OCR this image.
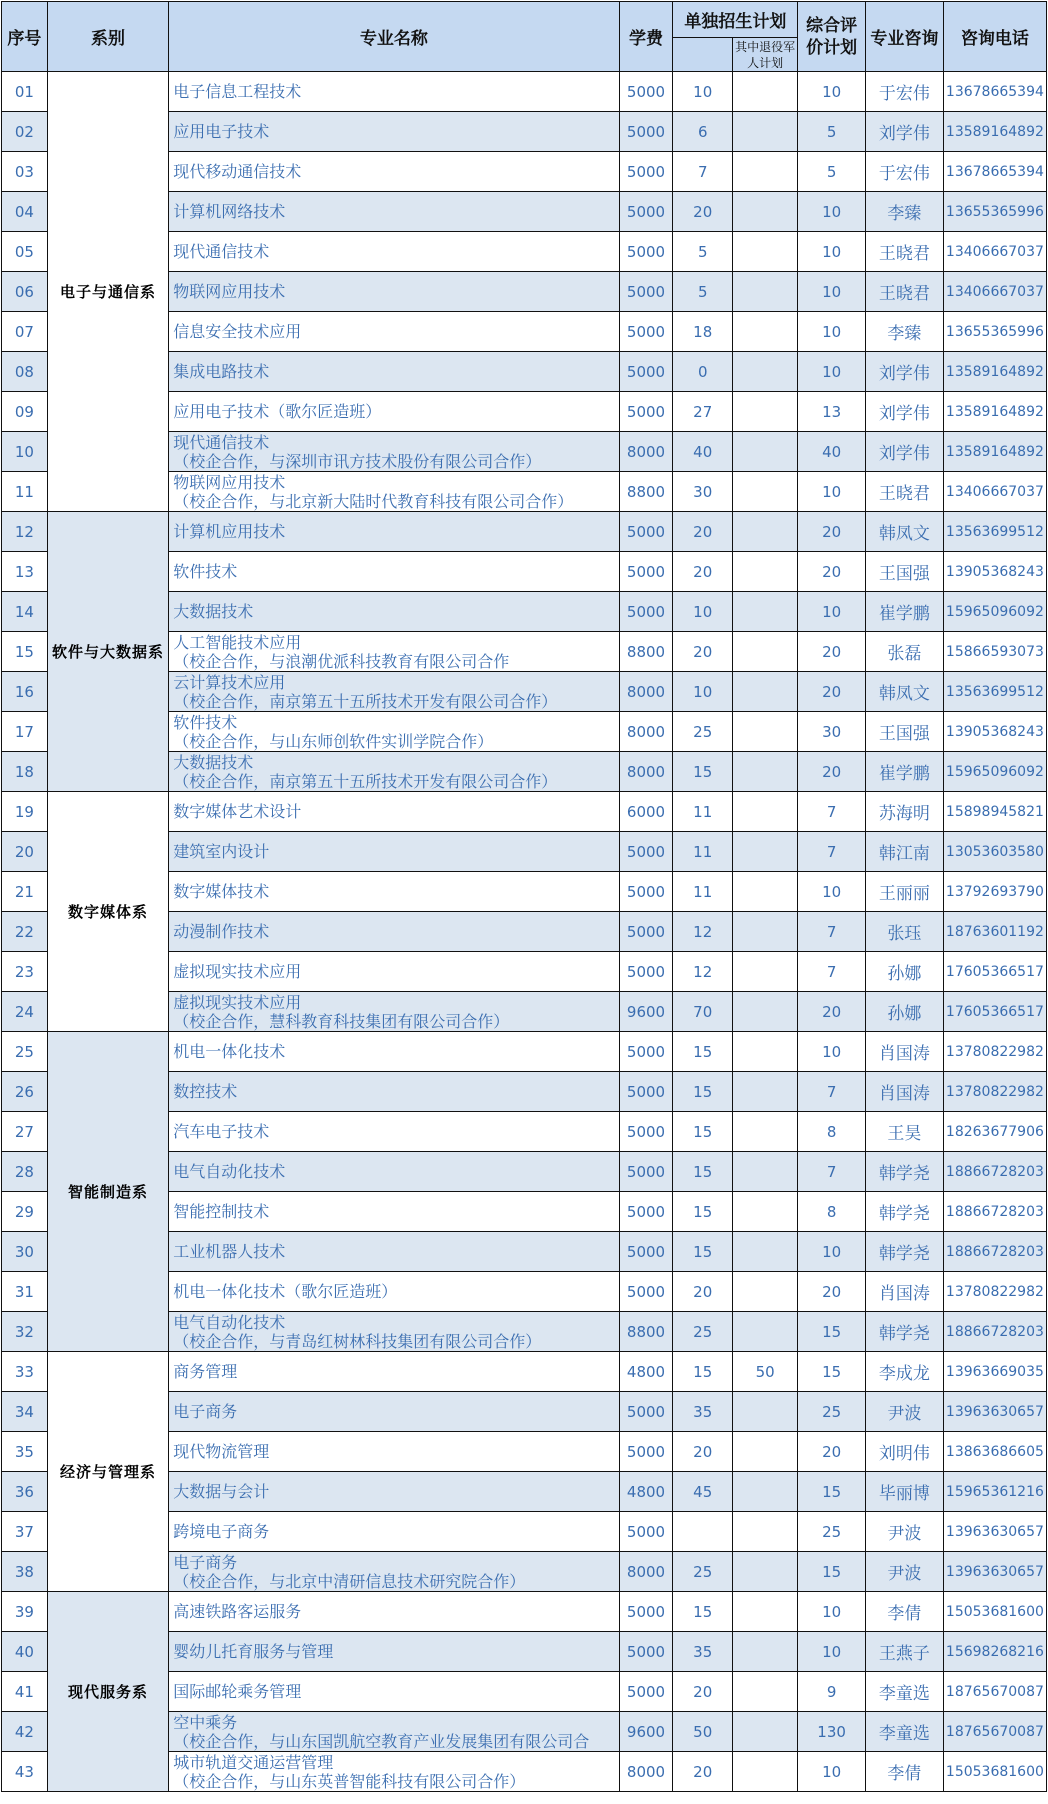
序号	系别	专业名称	学费	单独招生计划		综合评价计划	专业咨询	咨询电话
					其中退役军人计划			
01	电子与通信系	电子信息工程技术	5000	10		10	于宏伟	13678665394
02		应用电子技术	5000	6		5	刘学伟	13589164892
03		现代移动通信技术	5000	7		5	于宏伟	13678665394
04		计算机网络技术	5000	20		10	李臻	13655365996
05		现代通信技术	5000	5		10	王晓君	13406667037
06		物联网应用技术	5000	5		10	王晓君	13406667037
07		信息安全技术应用	5000	18		10	李臻	13655365996
08		集成电路技术	5000	0		10	刘学伟	13589164892
09		应用电子技术（歌尔匠造班）	5000	27		13	刘学伟	13589164892
10		现代通信技术
（校企合作，与深圳市讯方技术股份有限公司合作）	8000	40		40	刘学伟	13589164892
11		物联网应用技术
（校企合作，与北京新大陆时代教育科技有限公司合作）	8800	30		10	王晓君	13406667037
12	软件与大数据系	计算机应用技术	5000	20		20	韩凤文	13563699512
13		软件技术	5000	20		20	王国强	13905368243
14		大数据技术	5000	10		10	崔学鹏	15965096092
15		人工智能技术应用
（校企合作，与浪潮优派科技教育有限公司合作	8800	20		20	张磊	15866593073
16		云计算技术应用
（校企合作，南京第五十五所技术开发有限公司合作）	8000	10		20	韩凤文	13563699512
17		软件技术
（校企合作，与山东师创软件实训学院合作）	8000	25		30	王国强	13905368243
18		大数据技术
（校企合作，南京第五十五所技术开发有限公司合作）	8000	15		20	崔学鹏	15965096092
19	数字媒体系	数字媒体艺术设计	6000	11		7	苏海明	15898945821
20		建筑室内设计	5000	11		7	韩江南	13053603580
21		数字媒体技术	5000	11		10	王丽丽	13792693790
22		动漫制作技术	5000	12		7	张珏	18763601192
23		虚拟现实技术应用	5000	12		7	孙娜	17605366517
24		虚拟现实技术应用
（校企合作，慧科教育科技集团有限公司合作）	9600	70		20	孙娜	17605366517
25	智能制造系	机电一体化技术	5000	15		10	肖国涛	13780822982
26		数控技术	5000	15		7	肖国涛	13780822982
27		汽车电子技术	5000	15		8	王昊	18263677906
28		电气自动化技术	5000	15		7	韩学尧	18866728203
29		智能控制技术	5000	15		8	韩学尧	18866728203
30		工业机器人技术	5000	15		10	韩学尧	18866728203
31		机电一体化技术（歌尔匠造班）	5000	20		20	肖国涛	13780822982
32		电气自动化技术
（校企合作，与青岛红树林科技集团有限公司合作）	8800	25		15	韩学尧	18866728203
33	经济与管理系	商务管理	4800	15	50	15	李成龙	13963669035
34		电子商务	5000	35		25	尹波	13963630657
35		现代物流管理	5000	20		20	刘明伟	13863686605
36		大数据与会计	4800	45		15	毕丽博	15965361216
37		跨境电子商务	5000			25	尹波	13963630657
38		电子商务
（校企合作，与北京中清研信息技术研究院合作）	8000	25		15	尹波	13963630657
39	现代服务系	高速铁路客运服务	5000	15		10	李倩	15053681600
40		婴幼儿托育服务与管理	5000	35		10	王燕子	15698268216
41		国际邮轮乘务管理	5000	20		9	李童选	18765670087
42		空中乘务
（校企合作，与山东国凯航空教育产业发展集团有限公司合	9600	50		130	李童选	18765670087
43		城市轨道交通运营管理
（校企合作，与山东英普智能科技有限公司合作）	8000	20		10	李倩	15053681600
